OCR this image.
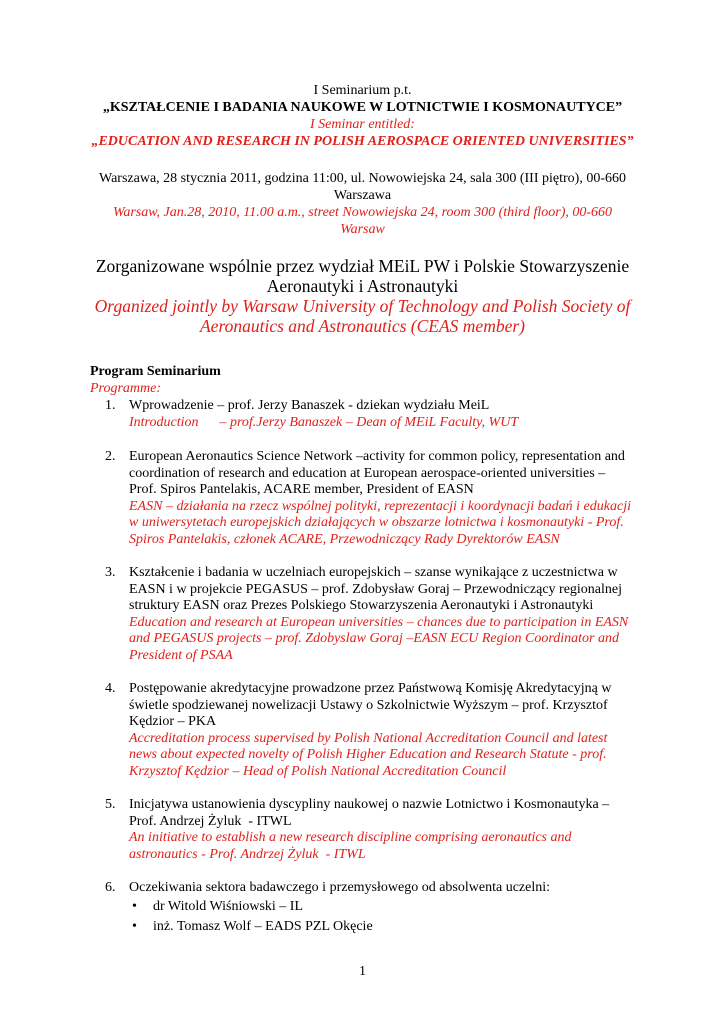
I Seminarium p.t.
„KSZTAŁCENIE I BADANIA NAUKOWE W LOTNICTWIE I KOSMONAUTYCE”
I Seminar entitled:
„EDUCATION AND RESEARCH IN POLISH AEROSPACE ORIENTED UNIVERSITIES”
Warszawa, 28 stycznia 2011, godzina 11:00, ul. Nowowiejska 24, sala 300 (III piętro), 00-660
Warszawa
Warsaw, Jan.28, 2010, 11.00 a.m., street Nowowiejska 24, room 300 (third floor), 00-660
Warsaw
Zorganizowane wspólnie przez wydział MEiL PW i Polskie Stowarzyszenie
Aeronautyki i Astronautyki
Organized jointly by Warsaw University of Technology and Polish Society of
Aeronautics and Astronautics (CEAS member)
Program Seminarium
Programme:
1. Wprowadzenie – prof. Jerzy Banaszek - dziekan wydziału MeiL
Introduction      – prof.Jerzy Banaszek – Dean of MEiL Faculty, WUT
2. European Aeronautics Science Network –activity for common policy, representation and
coordination of research and education at European aerospace-oriented universities –
Prof. Spiros Pantelakis, ACARE member, President of EASN
EASN – działania na rzecz wspólnej polityki, reprezentacji i koordynacji badań i edukacji
w uniwersytetach europejskich działających w obszarze lotnictwa i kosmonautyki - Prof.
Spiros Pantelakis, członek ACARE, Przewodniczący Rady Dyrektorów EASN
3. Kształcenie i badania w uczelniach europejskich – szanse wynikające z uczestnictwa w
EASN i w projekcie PEGASUS – prof. Zdobysław Goraj – Przewodniczący regionalnej
struktury EASN oraz Prezes Polskiego Stowarzyszenia Aeronautyki i Astronautyki
Education and research at European universities – chances due to participation in EASN
and PEGASUS projects – prof. Zdobyslaw Goraj –EASN ECU Region Coordinator and
President of PSAA
4. Postępowanie akredytacyjne prowadzone przez Państwową Komisję Akredytacyjną w
świetle spodziewanej nowelizacji Ustawy o Szkolnictwie Wyższym – prof. Krzysztof
Kędzior – PKA
Accreditation process supervised by Polish National Accreditation Council and latest
news about expected novelty of Polish Higher Education and Research Statute - prof.
Krzysztof Kędzior – Head of Polish National Accreditation Council
5. Inicjatywa ustanowienia dyscypliny naukowej o nazwie Lotnictwo i Kosmonautyka –
Prof. Andrzej Żyluk  - ITWL
An initiative to establish a new research discipline comprising aeronautics and
astronautics - Prof. Andrzej Żyluk  - ITWL
6. Oczekiwania sektora badawczego i przemysłowego od absolwenta uczelni:
• dr Witold Wiśniowski – IL
• inż. Tomasz Wolf – EADS PZL Okęcie
1
